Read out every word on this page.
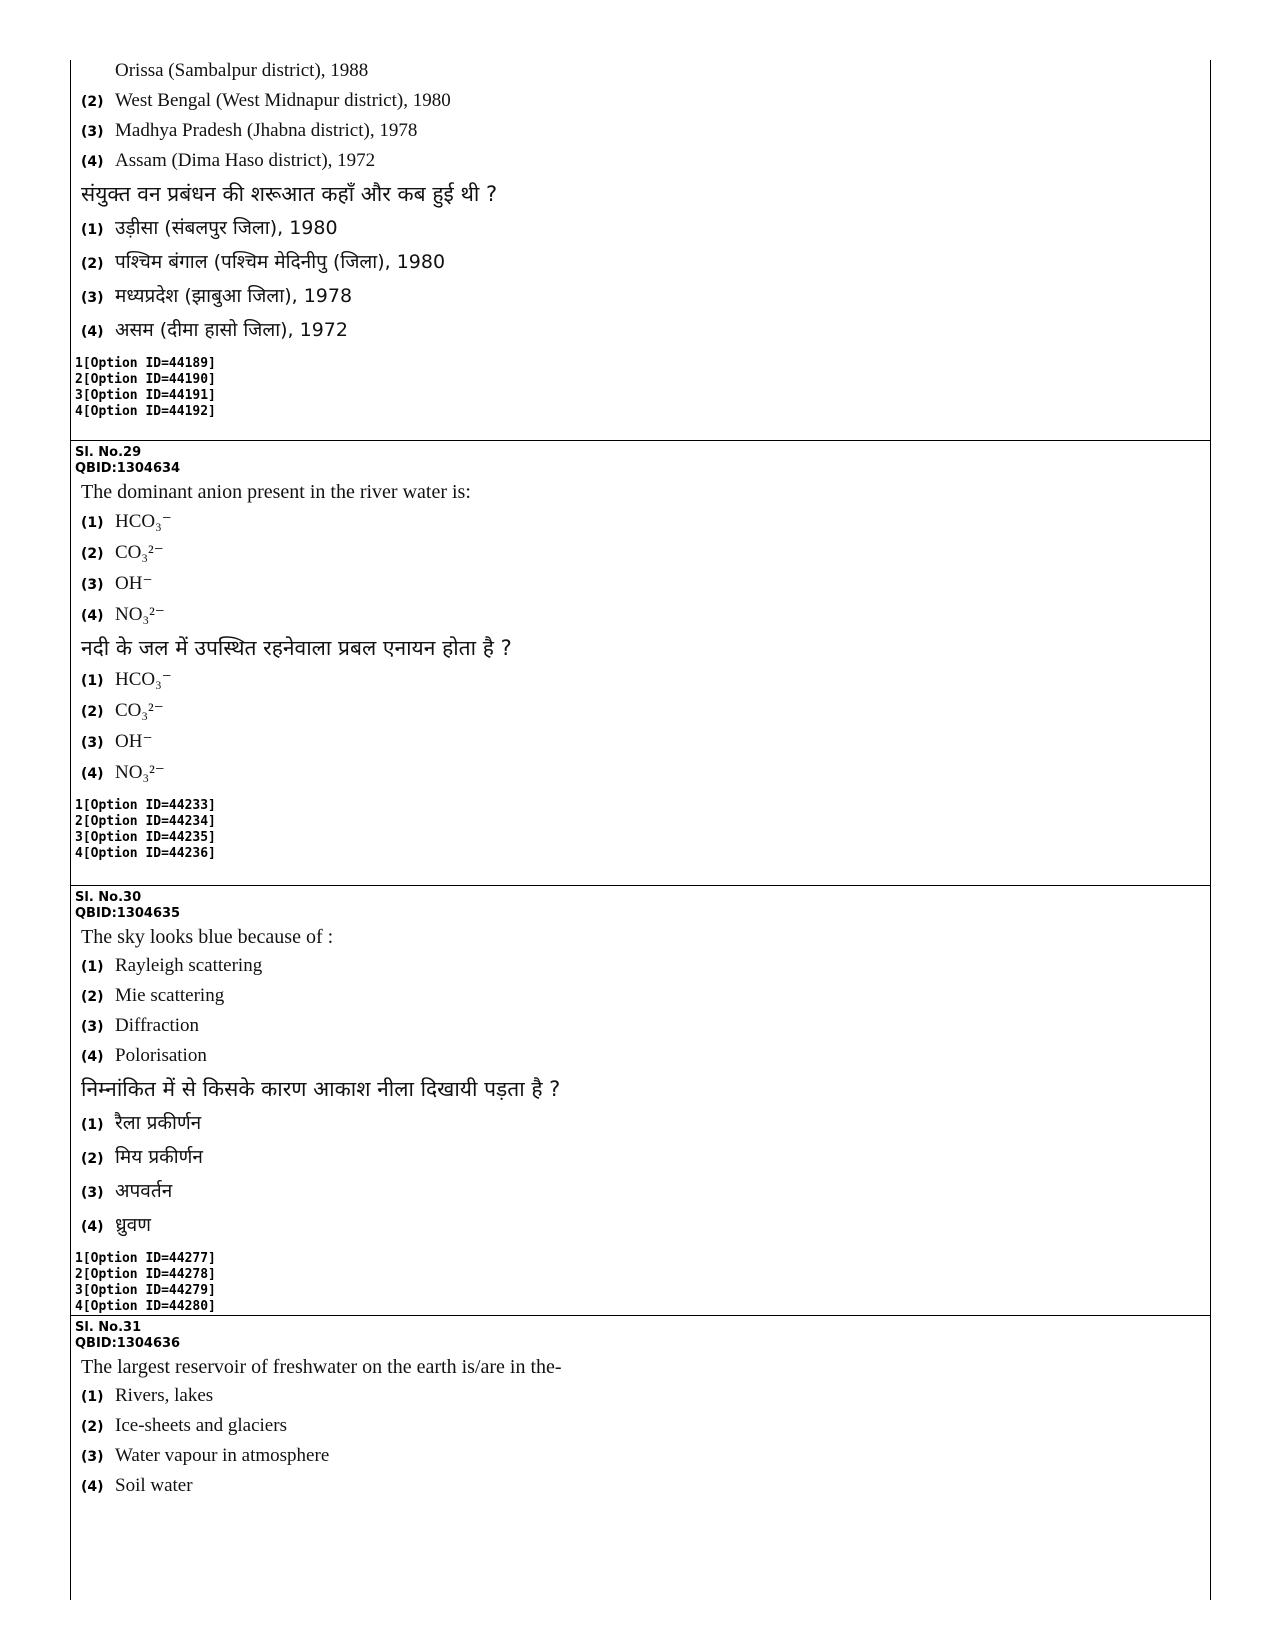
Orissa (Sambalpur district), 1988
(2) West Bengal (West Midnapur district), 1980
(3) Madhya Pradesh (Jhabna district), 1978
(4) Assam (Dima Haso district), 1972
संयुक्त वन प्रबंधन की शरूआत कहाँ और कब हुई थी ?
(1) उड़ीसा (संबलपुर जिला), 1980
(2) पश्चिम बंगाल (पश्चिम मेदिनीपु (जिला), 1980
(3) मध्यप्रदेश (झाबुआ जिला), 1978
(4) असम (दीमा हासो जिला), 1972
1[Option ID=44189]
2[Option ID=44190]
3[Option ID=44191]
4[Option ID=44192]
Sl. No.29
QBID:1304634
The dominant anion present in the river water is:
(1) HCO₃⁻
(2) CO₃²⁻
(3) OH⁻
(4) NO₃²⁻
नदी के जल में उपस्थित रहनेवाला प्रबल एनायन होता है ?
(1) HCO₃⁻
(2) CO₃²⁻
(3) OH⁻
(4) NO₃²⁻
1[Option ID=44233]
2[Option ID=44234]
3[Option ID=44235]
4[Option ID=44236]
Sl. No.30
QBID:1304635
The sky looks blue because of :
(1) Rayleigh scattering
(2) Mie scattering
(3) Diffraction
(4) Polorisation
निम्नांकित में से किसके कारण आकाश नीला दिखायी पड़ता है ?
(1) रैला प्रकीर्णन
(2) मिय प्रकीर्णन
(3) अपवर्तन
(4) ध्रुवण
1[Option ID=44277]
2[Option ID=44278]
3[Option ID=44279]
4[Option ID=44280]
Sl. No.31
QBID:1304636
The largest reservoir of freshwater on the earth is/are in the-
(1) Rivers, lakes
(2) Ice-sheets and glaciers
(3) Water vapour in atmosphere
(4) Soil water
